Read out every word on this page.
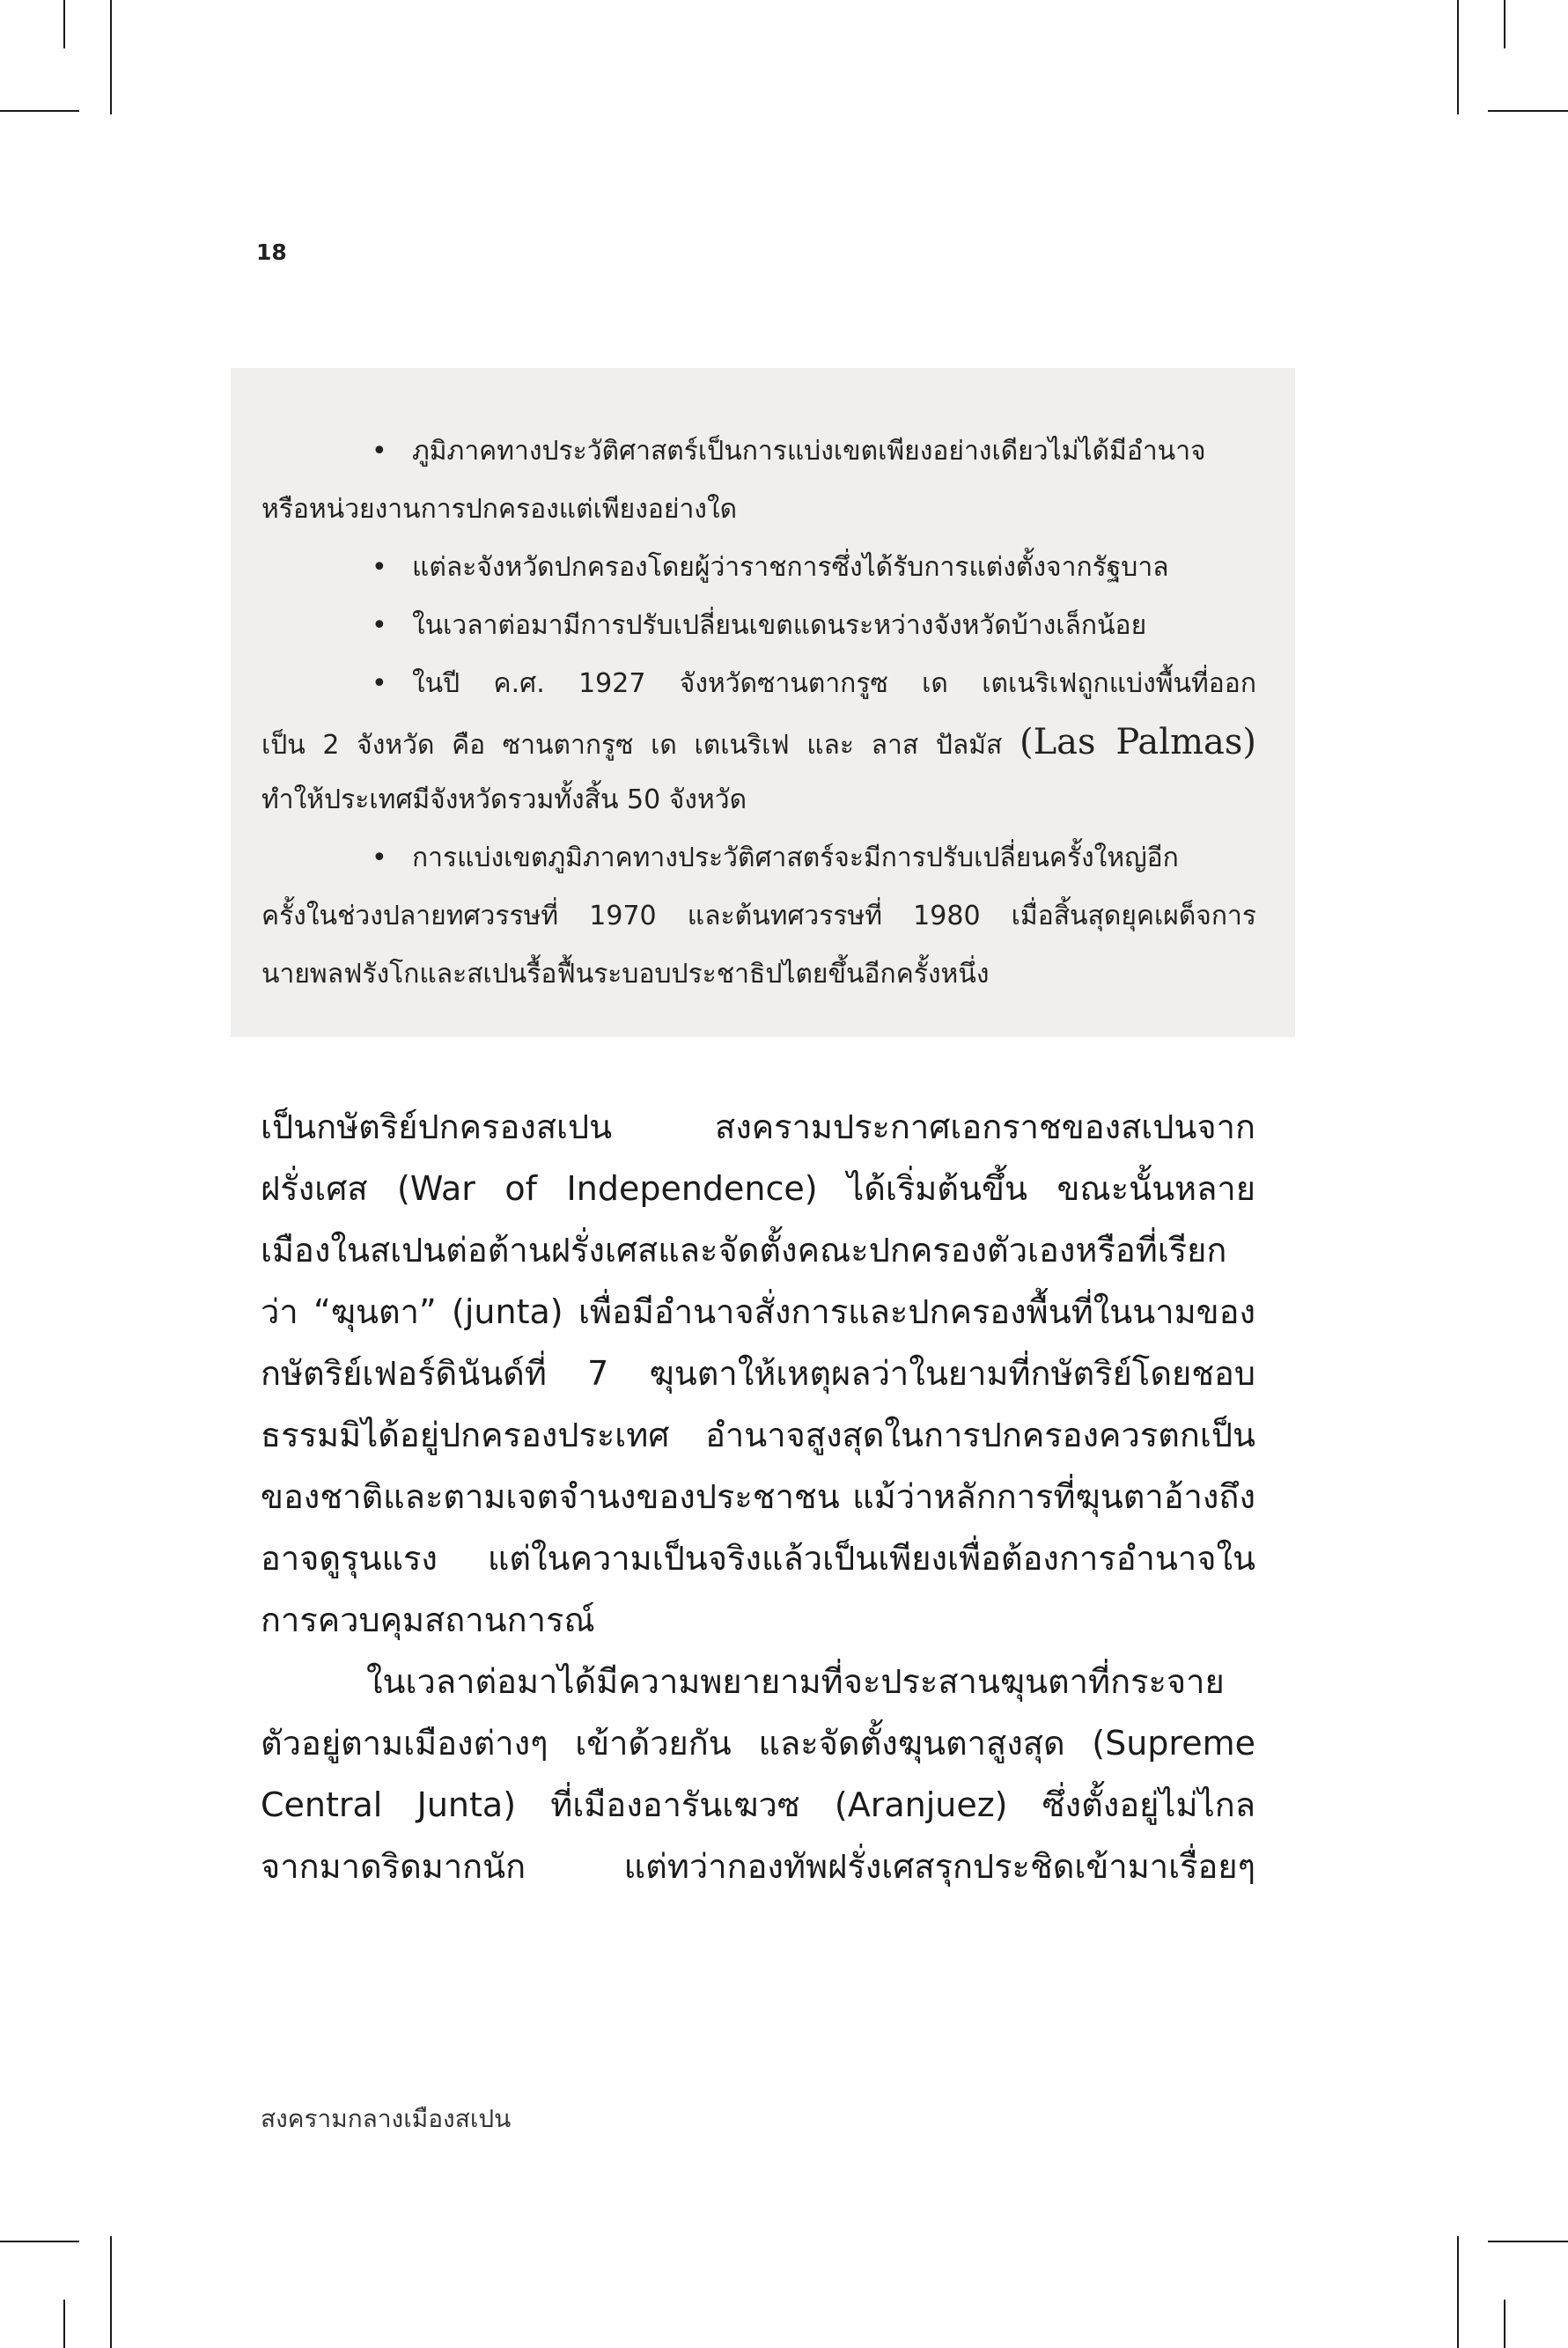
18
• ภูมิภาคทางประวัติศาสตร์เป็นการแบ่งเขตเพียงอย่างเดียวไม่ได้มีอำนาจ
หรือหน่วยงานการปกครองแต่เพียงอย่างใด
• แต่ละจังหวัดปกครองโดยผู้ว่าราชการซึ่งได้รับการแต่งตั้งจากรัฐบาล
• ในเวลาต่อมามีการปรับเปลี่ยนเขตแดนระหว่างจังหวัดบ้างเล็กน้อย
• ในปี ค.ศ. 1927 จังหวัดซานตากรูซ เด เตเนริเฟถูกแบ่งพื้นที่ออก
เป็น 2 จังหวัด คือ ซานตากรูซ เด เตเนริเฟ และ ลาส ปัลมัส (Las Palmas)
ทำให้ประเทศมีจังหวัดรวมทั้งสิ้น 50 จังหวัด
• การแบ่งเขตภูมิภาคทางประวัติศาสตร์จะมีการปรับเปลี่ยนครั้งใหญ่อีก
ครั้งในช่วงปลายทศวรรษที่ 1970 และต้นทศวรรษที่ 1980 เมื่อสิ้นสุดยุคเผด็จการ
นายพลฟรังโกและสเปนรื้อฟื้นระบอบประชาธิปไตยขึ้นอีกครั้งหนึ่ง
เป็นกษัตริย์ปกครองสเปน สงครามประกาศเอกราชของสเปนจาก
ฝรั่งเศส (War of Independence) ได้เริ่มต้นขึ้น ขณะนั้นหลาย
เมืองในสเปนต่อต้านฝรั่งเศสและจัดตั้งคณะปกครองตัวเองหรือที่เรียก
ว่า “ฆุนตา” (junta) เพื่อมีอำนาจสั่งการและปกครองพื้นที่ในนามของ
กษัตริย์เฟอร์ดินันด์ที่ 7 ฆุนตาให้เหตุผลว่าในยามที่กษัตริย์โดยชอบ
ธรรมมิได้อยู่ปกครองประเทศ อำนาจสูงสุดในการปกครองควรตกเป็น
ของชาติและตามเจตจำนงของประชาชน แม้ว่าหลักการที่ฆุนตาอ้างถึง
อาจดูรุนแรง แต่ในความเป็นจริงแล้วเป็นเพียงเพื่อต้องการอำนาจใน
การควบคุมสถานการณ์
ในเวลาต่อมาได้มีความพยายามที่จะประสานฆุนตาที่กระจาย
ตัวอยู่ตามเมืองต่างๆ เข้าด้วยกัน และจัดตั้งฆุนตาสูงสุด (Supreme
Central Junta) ที่เมืองอารันเฆวซ (Aranjuez) ซึ่งตั้งอยู่ไม่ไกล
จากมาดริดมากนัก แต่ทว่ากองทัพฝรั่งเศสรุกประชิดเข้ามาเรื่อยๆ
สงครามกลางเมืองสเปน
